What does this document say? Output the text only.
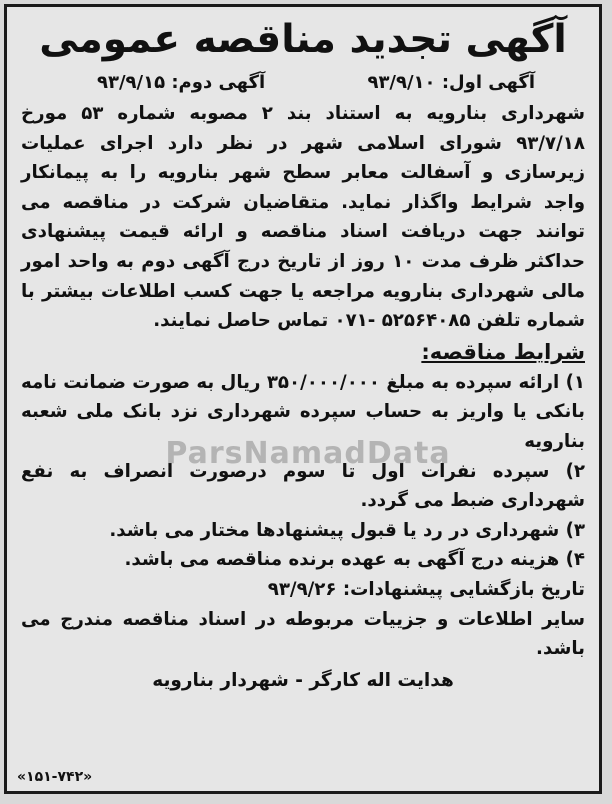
آگهی تجدید مناقصه عمومی
آگهی اول: ۹۳/۹/۱۰
آگهی دوم: ۹۳/۹/۱۵

شهرداری بنارویه به استناد بند ۲ مصوبه شماره ۵۳ مورخ ۹۳/۷/۱۸ شورای اسلامی شهر در نظر دارد اجرای عملیات زیرسازی و آسفالت معابر سطح شهر بنارویه را به پیمانکار واجد شرایط واگذار نماید. متقاضیان شرکت در مناقصه می توانند جهت دریافت اسناد مناقصه و ارائه قیمت پیشنهادی حداکثر ظرف مدت ۱۰ روز از تاریخ درج آگهی دوم به واحد امور مالی شهرداری بنارویه مراجعه یا جهت کسب اطلاعات بیشتر با شماره تلفن ۵۲۵۶۴۰۸۵ -۰۷۱ تماس حاصل نمایند.

شرایط مناقصه:

۱) ارائه سپرده به مبلغ ۳۵۰/۰۰۰/۰۰۰ ریال به صورت ضمانت نامه بانکی یا واریز به حساب سپرده شهرداری نزد بانک ملی شعبه بنارویه

۲) سپرده نفرات اول تا سوم درصورت انصراف به نفع شهرداری ضبط می گردد.

۳) شهرداری در رد یا قبول پیشنهادها مختار می باشد.

۴) هزینه درج آگهی به عهده برنده مناقصه می باشد.

تاریخ بازگشایی پیشنهادات: ۹۳/۹/۲۶

سایر اطلاعات و جزییات مربوطه در اسناد مناقصه مندرج می باشد.

هدایت اله کارگر - شهردار بنارویه
«۱۵۱-۷۴۲»
ParsNamadData
